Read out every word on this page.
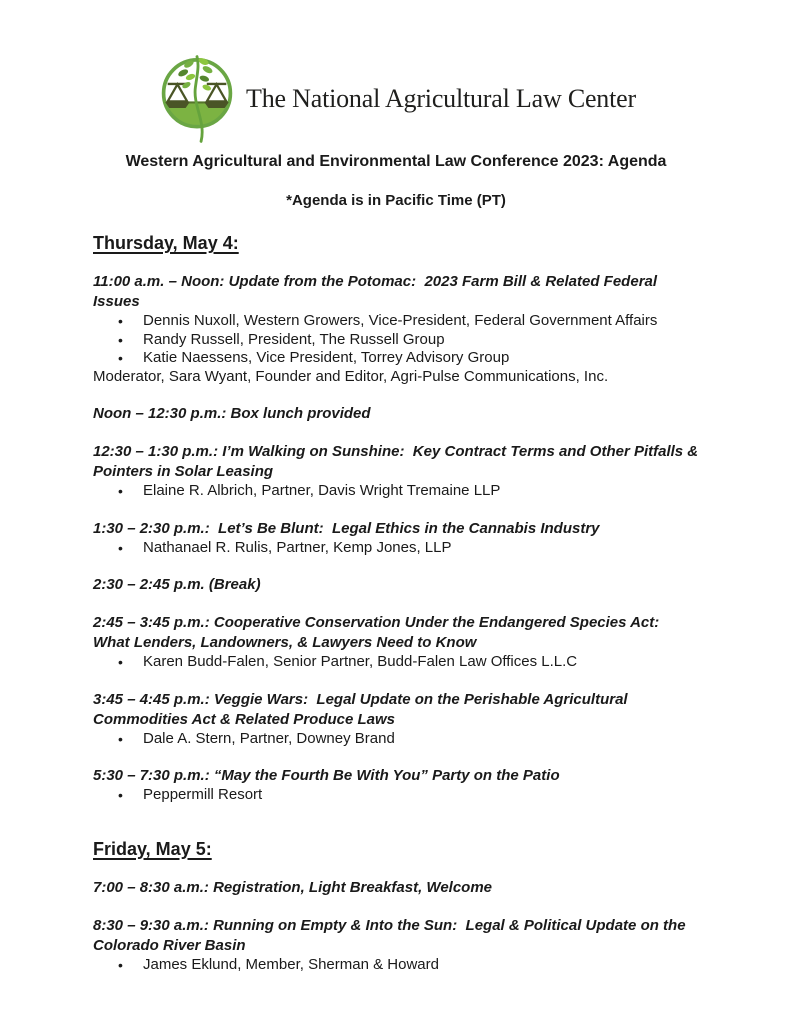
The National Agricultural Law Center
Western Agricultural and Environmental Law Conference 2023: Agenda

*Agenda is in Pacific Time (PT)

Thursday, May 4:

11:00 a.m. – Noon: Update from the Potomac:  2023 Farm Bill & Related Federal Issues

• Dennis Nuxoll, Western Growers, Vice-President, Federal Government Affairs
• Randy Russell, President, The Russell Group
• Katie Naessens, Vice President, Torrey Advisory Group

Moderator, Sara Wyant, Founder and Editor, Agri-Pulse Communications, Inc.

Noon – 12:30 p.m.: Box lunch provided

12:30 – 1:30 p.m.: I’m Walking on Sunshine:  Key Contract Terms and Other Pitfalls & Pointers in Solar Leasing

• Elaine R. Albrich, Partner, Davis Wright Tremaine LLP

1:30 – 2:30 p.m.:  Let’s Be Blunt:  Legal Ethics in the Cannabis Industry

• Nathanael R. Rulis, Partner, Kemp Jones, LLP

2:30 – 2:45 p.m. (Break)

2:45 – 3:45 p.m.: Cooperative Conservation Under the Endangered Species Act: What Lenders, Landowners, & Lawyers Need to Know

• Karen Budd-Falen, Senior Partner, Budd-Falen Law Offices L.L.C

3:45 – 4:45 p.m.: Veggie Wars:  Legal Update on the Perishable Agricultural Commodities Act & Related Produce Laws

• Dale A. Stern, Partner, Downey Brand

5:30 – 7:30 p.m.: “May the Fourth Be With You” Party on the Patio

• Peppermill Resort
Friday, May 5:

7:00 – 8:30 a.m.: Registration, Light Breakfast, Welcome

8:30 – 9:30 a.m.: Running on Empty & Into the Sun:  Legal & Political Update on the Colorado River Basin

• James Eklund, Member, Sherman & Howard
